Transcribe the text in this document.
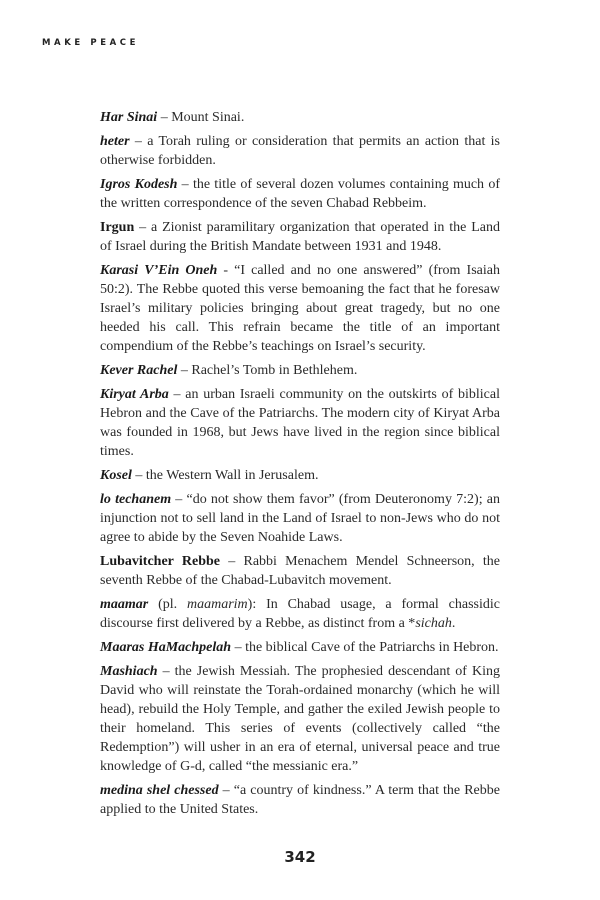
MAKE PEACE

Har Sinai – Mount Sinai.

heter – a Torah ruling or consideration that permits an action that is otherwise forbidden.

Igros Kodesh – the title of several dozen volumes containing much of the written correspondence of the seven Chabad Rebbeim.

Irgun – a Zionist paramilitary organization that operated in the Land of Israel during the British Mandate between 1931 and 1948.

Karasi V’Ein Oneh - “I called and no one answered” (from Isaiah 50:2). The Rebbe quoted this verse bemoaning the fact that he foresaw Israel’s military policies bringing about great tragedy, but no one heeded his call. This refrain became the title of an important compendium of the Rebbe’s teachings on Israel’s security.

Kever Rachel – Rachel’s Tomb in Bethlehem.

Kiryat Arba – an urban Israeli community on the outskirts of biblical Hebron and the Cave of the Patriarchs. The modern city of Kiryat Arba was founded in 1968, but Jews have lived in the region since biblical times.

Kosel – the Western Wall in Jerusalem.

lo techanem – “do not show them favor” (from Deuteronomy 7:2); an injunction not to sell land in the Land of Israel to non-Jews who do not agree to abide by the Seven Noahide Laws.

Lubavitcher Rebbe – Rabbi Menachem Mendel Schneerson, the seventh Rebbe of the Chabad-Lubavitch movement.

maamar (pl. maamarim): In Chabad usage, a formal chassidic discourse first delivered by a Rebbe, as distinct from a *sichah.

Maaras HaMachpelah – the biblical Cave of the Patriarchs in Hebron.

Mashiach – the Jewish Messiah. The prophesied descendant of King David who will reinstate the Torah-ordained monarchy (which he will head), rebuild the Holy Temple, and gather the exiled Jewish people to their homeland. This series of events (collectively called “the Redemption”) will usher in an era of eternal, universal peace and true knowledge of G-d, called “the messianic era.”

medina shel chessed – “a country of kindness.” A term that the Rebbe applied to the United States.

342
